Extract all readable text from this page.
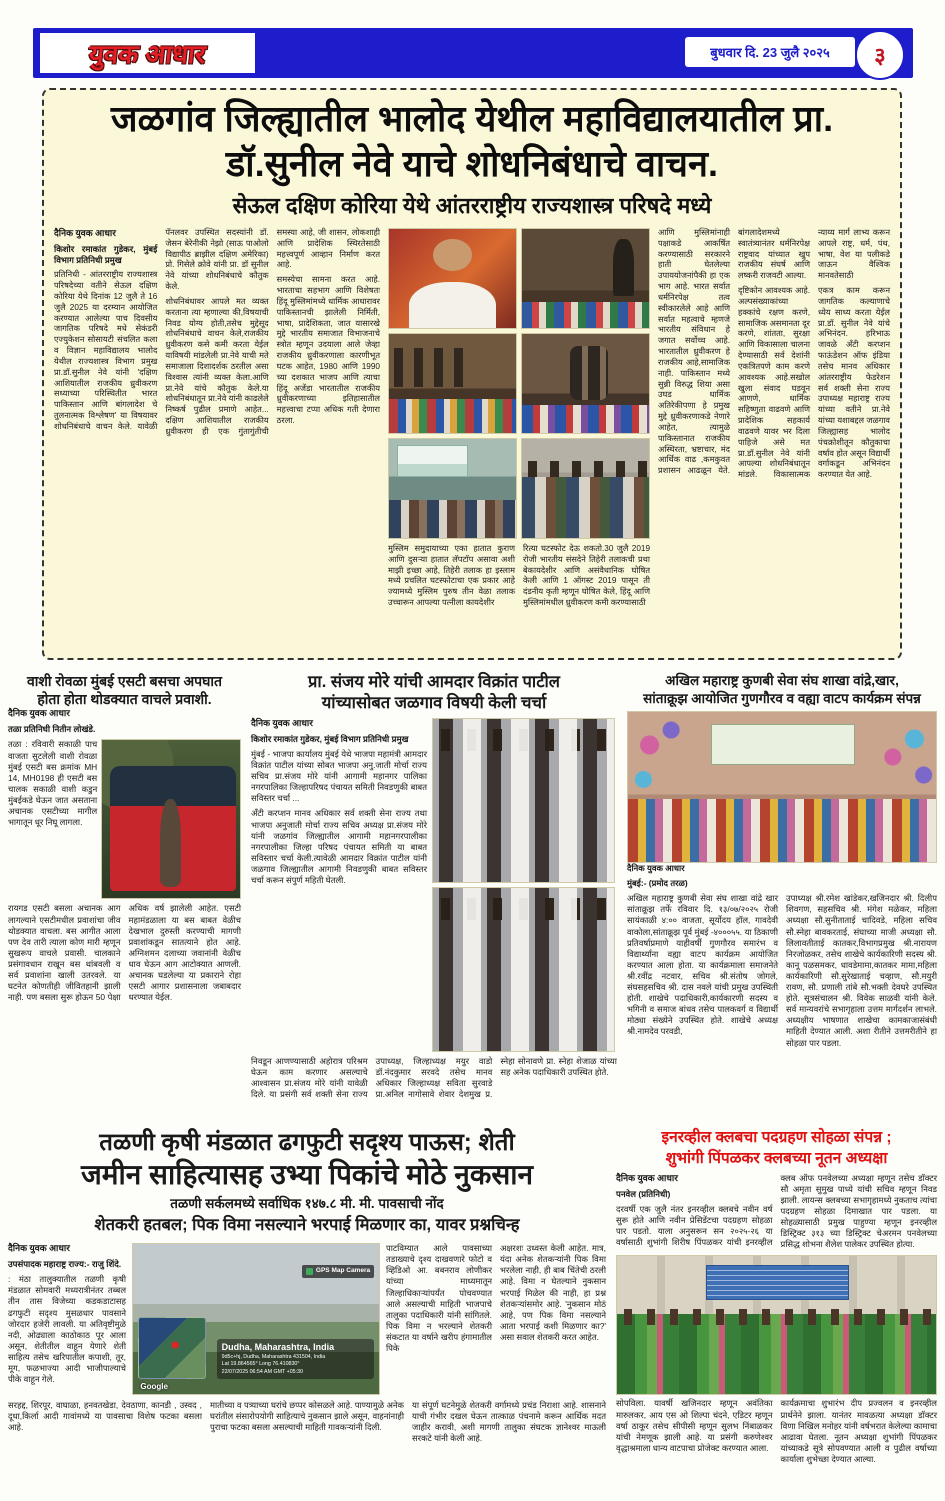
युवक आधार	बुधवार दि. 23 जुलै २०२५ ३
जळगांव जिल्ह्यातील भालोद येथील महाविद्यालयातील प्रा.
डॉ.सुनील नेवे याचे शोधनिबंधाचे वाचन.
सेऊल दक्षिण कोरिया येथे आंतरराष्ट्रीय राज्यशास्त्र परिषदे मध्ये

दैनिक युवक आधार

किशोर रमाकांत गुडेकर, मुंबई विभाग प्रतिनिधी प्रमुख

प्रतिनिधी - आंतरराष्ट्रीय राज्यशास्त्र परिषदेच्या वतीने सेऊल दक्षिण कोरिया येथे दिनांक 12 जुलै ते 16 जुलै 2025 या दरम्यान आयोजित करण्यात आलेल्या पाच दिवसीय जागतिक परिषदे मधे सेकंडरी एज्युकेशन सोसायटी संचलित कला व विज्ञान महाविद्यालय भालोद येथील राज्यशास्त्र विभाग प्रमुख प्रा.डॉ.सुनील नेवे यांनी 'दक्षिण आशियातील राजकीय ध्रुवीकरण सध्याच्या परिस्थितीत भारत पाकिस्तान आणि बांगलादेश चे तुलनात्मक विश्लेषण' या विषयावर शोधनिबंधाचे वाचन केले. यावेळी पॅनलवर उपस्थित सदस्यांनी डॉ. जेसन बेरेनीकी नेझो (साऊ पाओलो विद्यापीठ ब्राझील दक्षिण अमेरिका) प्रो. गिसेले क्रोवे यांनी प्रा. डॉ सुनील नेवे यांच्या शोधनिबंधाचे कौतुक केले.

शोधनिबंधावर आपले मत व्यक्त करताना त्या म्हणाल्या की,विषयाची निवड योग्य होती,तसेच मुद्देसूद शोधनिबंधाचे वाचन केले,राजकीय ध्रुवीकरण कसे कमी करता येईल याविषयी मांडलेली प्रा.नेवे याची मते समाजाला दिशादर्शक ठरतील असा विश्वास त्यांनी व्यक्त केला.आणि प्रा.नेवे यांचे कौतुक केले.या शोधनिबंधातून प्रा.नेवे यांनी काढलेले निष्कर्ष पुढील प्रमाणे आहेत... दक्षिण आशियातील राजकीय ध्रुवीकरण ही एक गुंतागुंतीची समस्या आहे, जी शासन, लोकशाही आणि प्रादेशिक स्थिरतेसाठी महत्त्वपूर्ण आव्हान निर्माण करत आहे.

समस्येचा सामना करत आहे. भारताचा सहभाग आणि विशेषतः हिंदू मुस्लिमांमध्ये धार्मिक आधारावर पाकिस्तानची झालेली निर्मिती, भाषा, प्रादेशिकता, जात यासारखे मुद्दे भारतीय समाजात विभाजनाचे स्त्रोत म्हणून उदयाला आले जेव्हा राजकीय ध्रुवीकरणाला कारणीभूत घटक आहेत, 1980 आणि 1990 च्या दशकात भाजप आणि त्याचा हिंदू अजेंडा भारतातील राजकीय ध्रुवीकरणाच्या इतिहासातील महत्त्वाचा टप्पा अधिक गती देणारा ठरला.

मुस्लिम समुदायाच्या एका हातात कुराण आणि दुसऱ्या हातात लॅपटॉप असावा अशी माझी इच्छा आहे, तिहेरी तलाक हा इस्लाम मध्ये प्रचलित घटस्फोटाचा एक प्रकार आहे ज्यामध्ये मुस्लिम पुरुष तीन वेळा तलाक उच्चारून आपल्या पत्नीला कायदेशीर

रित्या घटस्फोट देऊ शकतो.30 जुलै 2019 रोजी भारतीय संसदेने तिहेरी तलाकची प्रथा बेकायदेशीर आणि असंवैधानिक घोषित केली आणि 1 ऑगस्ट 2019 पासून ती दंडनीय कृती म्हणून घोषित केले, हिंदू आणि मुस्लिमांमधील ध्रुवीकरण कमी करण्यासाठी

आणि मुस्लिमांनाही पक्षाकडे आकर्षित करण्यासाठी सरकारने हाती घेतलेल्या उपाययोजनांपैकी हा एक भाग आहे. भारत सर्वात धर्मनिरपेक्ष तत्व स्वीकारलेले आहे आणि सर्वात महत्वाचे म्हणजे भारतीय संविधान हे जगात सर्वोच्च आहे. भारतातील ध्रुवीकरण हे राजकीय आहे,सामाजिक नाही. पाकिस्तान मध्ये सुन्नी विरुद्ध शिया असा उघड धार्मिक अतिरेकीपणा हे प्रमुख मुद्दे ध्रुवीकरणाकडे नेणारे आहेत, त्यामुळे पाकिस्तानात राजकीय अस्थिरता, भ्रष्टाचार, मंद आर्थिक वाढ ,कमकुवत प्रशासन आढळून येते. बांगलादेशमध्ये स्वातंत्र्यानंतर धर्मनिरपेक्ष राष्ट्रवाद यांच्यात खुप राजकीय संघर्ष आणि लष्करी राजवटी आल्या.

दृष्टिकोन आवश्यक आहे. अल्पसंख्याकांच्या हक्कांचे रक्षण करणे, सामाजिक असमानता दूर करणे, शांतता, सुरक्षा आणि विकासाला चालना देण्यासाठी सर्व देशांनी एकत्रितपणे काम करणे आवश्यक आहे.सखोल खुला संवाद घडवून आणणे, धार्मिक सहिष्णुता वाढवणे आणि प्रादेशिक सहकार्य वाढवणे यावर भर दिला पाहिजे असे मत प्रा.डॉ.सुनील नेवे यांनी आपल्या शोधनिबंधातून मांडले. विकासात्मक न्याय्य मार्ग लाभ्य करून आपले राष्ट्र, धर्म, पंथ, भाषा, वेश या पलीकडे जाऊन वैश्विक मानवतेसाठी

एकत्र काम करून जागतिक कल्याणाचे ध्येय साध्य करता येईल प्रा.डॉ. सुनील नेवे यांचे अभिनंदन. हरिभाऊ जावळे अँटी करप्शन फाऊंडेशन ऑफ इंडिया तसेच मानव अधिकार आंतरराष्ट्रीय फेडरेशन सर्व शक्ती सेना राज्य उपाध्यक्ष महाराष्ट्र राज्य यांच्या वतीने प्रा.नेवे यांच्या यशाबद्दल जळगाव जिल्ह्यासह भालोद पंचक्रोशीतून कौतुकाचा वर्षाव होत असून विद्यार्थी वर्गाकडून अभिनंदन करण्यात येत आहे.

वाशी रोवळा मुंबई एसटी बसचा अपघात
होता होता थोडक्यात वाचले प्रवाशी.

दैनिक युवक आधार

तळा प्रतिनिधी नितीन लोखंडे.

तळा : रविवारी सकाळी पाच वाजता सुटलेली वाशी रोवळा मुंबई एसटी बस क्रमांक MH 14, MH0198 ही एसटी बस चालक सकाळी वाशी कडुन मुंबईकडे घेऊन जात असताना अचानक एसटीच्या मागील भागातून धूर निघू लागला.

रायगड एसटी बसला अचानक आग लागल्याने एसटीमधील प्रवाशांचा जीव थोडक्यात वाचला. बस आगीत आला पण देव तारी त्याला कोण मारी म्हणून सुखरूप वाचले प्रवासी. चालकाने प्रसंगावधान राखून बस थांबवली व सर्व प्रवाशांना खाली उतरवले. या घटनेत कोणतीही जीवितहानी झाली नाही. पण बसला सुरू होऊन 50 पेक्षा अधिक वर्ष झालेली आहेत. एसटी महामंडळाला या बस बाबत वेळीच देखभाल दुरुस्ती करण्याची मागणी प्रवाशांकडून सातत्याने होत आहे. अग्निशमन दलाच्या जवानांनी वेळीच धाव घेऊन आग आटोक्यात आणली. अचानक घडलेल्या या प्रकाराने रोहा एसटी आगार प्रशासनाला जबाबदार धरण्यात येईल.

प्रा. संजय मोरे यांची आमदार विक्रांत पाटील
यांच्यासोबत जळगाव विषयी केली चर्चा

दैनिक युवक आधार

किशोर रमाकांत गुडेकर, मुंबई विभाग प्रतिनिधी प्रमुख

मुंबई - भाजपा कार्यालय मुंबई येथे भाजपा महामंत्री आमदार विक्रांत पाटील यांच्या सोबत भाजपा अनु.जाती मोर्चा राज्य सचिव प्रा.संजय मोरे यांनी आगामी महानगर पालिका नगरपालिका जिल्हापरिषद पंचायत समिती निवडणुकी बाबत सविस्तर चर्चा ...

अँटी करप्शन मानव अधिकार सर्व शक्ती सेना राज्य तथा भाजपा अनुजाती मोर्चा राज्य सचिव अध्यक्ष प्रा.संजय मोरे यांनी जळगांव जिल्ह्यातील आगामी महानगरपालीका नगरपालीका जिल्हा परिषद पंचायत समिती या बाबत सविस्तार चर्चा केली.त्यावेळी आमदार विक्रांत पाटील यांनी जळगाव जिल्ह्यातील आगामी निवडणुकी बाबत सविस्तर चर्चा करून संपुर्ण महिती घेतली.

निवडून आणण्यासाठी अहोरात्र परिश्रम घेऊन काम करणार असल्याचे आश्वासन प्रा.संजय मोरे यांनी यावेळी दिले. या प्रसंगी सर्व शक्ती सेना राज्य उपाध्यक्ष, जिल्हाध्यक्ष मयुर वाडो डॉ.नंदकुमार सरवदे तसेच मानव अधिकार जिल्हाध्यक्ष सविता सुरवाडे प्रा.अनिल नागोसावे शेवार देशमुख प्र. स्नेहा सोनावणे प्रा. स्नेहा शेजाळ यांच्या सह अनेक पदाधिकारी उपस्थित होते.

अखिल महाराष्ट्र कुणबी सेवा संघ शाखा वांद्रे,खार,
सांताक्रूझ आयोजित गुणगौरव व वह्या वाटप कार्यक्रम संपन्न

दैनिक युवक आधार

मुंबई:- (प्रमोद तरळ)

अखिल महाराष्ट्र कुणबी सेवा संघ शाखा वांद्रे खार सांताक्रूझ तर्फे रविवार दि. १३/०७/२०२५ रोजी सायंकाळी ४:०० वाजता, सूर्योदय हॉल, गावदेवी वाकोला,सांताक्रूझ पूर्व मुंबई -४०००५५. या ठिकाणी प्रतिवर्षाप्रमाणे याहीवर्षी गुणगौरव समारंभ व विद्यार्थ्यांना वह्या वाटप कार्यक्रम आयोजित करण्यात आला होता. या कार्यक्रमाला समाजनेते श्री.रवींद्र नटवार, सचिव श्री.संतोष जोगले, संघसहसचिव श्री. दास नवले यांची प्रमुख उपस्थिती होती. शाखेचे पदाधिकारी,कार्यकारणी सदस्य व भगिनी व समाज बांधव तसेच पालकवर्ग व विद्यार्थी मोठ्या संख्येने उपस्थित होते. शाखेचे अध्यक्ष श्री.नामदेव परवडी,

उपाध्यक्ष श्री.रमेश खांडेकर,खजिनदार श्री. दिलीप शिवगण, सहसचिव श्री. मंगेश मळेकर, महिला अध्यक्षा सौ.सुनीताताई चादिवडे, महिला सचिव सौ.स्नेहा बावकरताई, संघाच्या माजी अध्यक्षा सौ. लिलावतीताई कातकर,विभागप्रमुख श्री.नारायण निरजोळकर, तसेच शाखेचे कार्यकारिणी सदस्य श्री. कानू पळसमकर, धावडेमामा,कातकर मामा,महिला कार्यकारिणी सौ.सुरेखाताई चव्हाण, सौ.मयुरी रावण, सौ. प्रणाली तांबे सौ.भक्ती देवघरे उपस्थित होते. सूत्रसंचालन श्री. विवेक साळवी यांनी केले. सर्व मान्यवरांचे सभागृहाला उत्तम मार्गदर्शन लाभले. अध्यक्षीय भाषणात शाखेचा कामकाजासंबंधी माहिती देण्यात आली. अशा रीतीने उत्तमरीतीने हा सोहळा पार पडला.

तळणी कृषी मंडळात ढगफुटी सदृश्य पाऊस; शेती
जमीन साहित्यासह उभ्या पिकांचे मोठे नुकसान
तळणी सर्कलमध्ये सर्वाधिक १४७.८ मी. मी. पावसाची नोंद
शेतकरी हतबल; पिक विमा नसल्याने भरपाई मिळणार का, यावर प्रश्नचिन्ह

दैनिक युवक आधार

उपसंपादक महाराष्ट्र राज्य:- राजु शिंदे.

: मंठा तालुक्यातील तळणी कृषी मंडळात सोमवारी मध्यरात्रीनंतर तब्बल तीन तास विजेच्या कडकडाटासह ढगफुटी सदृश्य मुसळधार पावसाने जोरदार हजेरी लावली. या अतिवृष्टीमुळे नदी, ओढ्याला काठोकाठ पूर आला असून, शेतीतील वाहून येणारे शेती साहित्य तसेच खरिपातील कपाशी, तूर, मूग, फळभाज्या आदी भाजीपाल्याचे पीके वाहून गेले.

GPS Map Camera
Dudha, Maharashtra, India
9d5c+hj, Dudha, Maharashtra 431504, India
Lat 19.864565° Long 76.410830°
22/07/2025 06:54 AM GMT +05:30
Google

पाटविम्यात आले पावसाच्या तडाख्याचे दृश्य दाखवणारे फोटो व व्हिडिओ आ. बबनराव लोणीकर यांच्या माध्यमातून जिल्हाधिकाऱ्यांपर्यंत पोचवण्यात आले असल्याची माहिती भाजपाचे तालुका पदाधिकारी यांनी सांगितले. पिक विमा न भरल्याने शेतकरी संकटात या वर्षाने खरीप हंगामातील पिके

अक्षरशः उध्वस्त केली आहेत. मात्र, यंदा अनेक शेतकऱ्यांनी पिक विमा भरलेला नाही, ही बाब चिंतेची ठरली आहे. विमा न घेतल्याने नुकसान भरपाई मिळेल की नाही, हा प्रश्न शेतकऱ्यांसमोर आहे. 'नुकसान मोठं आहे, पण पिक विमा नसल्याने आता भरपाई कशी मिळणार का?' असा सवाल शेतकरी करत आहेत.

सरहद्द, शिरपूर, वाघाळा, हनवतखेडा, देवठाणा, कानडी , उस्वद , दूधा,किर्ला आदी गावांमध्ये या पावसाचा विशेष फटका बसला आहे.

मातीच्या व पत्र्याच्या घरांचे छप्पर कोसळले आहे. पाण्यामुळे अनेक घरांतील संसारोपयोगी साहित्याचे नुकसान झाले असून, वाहनांनाही पुराचा फटका बसला असल्याची माहिती गावकऱ्यांनी दिली.

या संपूर्ण घटनेमुळे शेतकरी वर्गामध्ये प्रचंड निराशा आहे. शासनाने याची गंभीर दखल घेऊन तात्काळ पंचनामे करून आर्थिक मदत जाहीर करावी, अशी मागणी तालुका संघटक ज्ञानेश्वर माऊली सरकटे यांनी केली आहे.

इनरव्हील क्लबचा पदग्रहण सोहळा संपन्न ;
शुभांगी पिंपळकर क्लबच्या नूतन अध्यक्षा

दैनिक युवक आधार

पनवेल (प्रतिनिधी)

दरवर्षी एक जुलै नंतर इनरव्हील क्लबचे नवीन वर्ष सुरू होते आणि नवीन प्रेसिडेंटचा पदग्रहण सोहळा पार पडतो. याला अनुसरून सन २०२५-२६ या वर्षासाठी शुभांगी शिरीष पिंपळकर यांची इनरव्हील क्लब ऑफ पनवेलच्या अध्यक्षा म्हणून तसेच डॉक्टर सौ अमृता सुमुख पाध्ये यांची सचिव म्हणून निवड झाली. लायन्स क्लबच्या सभागृहामध्ये नुकताच त्यांचा पदग्रहण सोहळा दिमाखात पार पडला. या सोहळ्यासाठी प्रमुख पाहुण्या म्हणून इनरव्हील डिस्ट्रिक्ट ३१३ च्या डिस्ट्रिक्ट चेअरमन पनवेलच्या प्रसिद्ध शोभना शैलेश पालेकर उपस्थित होत्या.

सोपविला. यावर्षी खजिनदार म्हणून अवंतिका मारुलकर, आय एस ओ शिल्पा चंदने, एडिटर म्हणून वर्षा ठाकूर तसेच सीपीसी म्हणून सुलभ निंबाळकर यांची नेमणूक झाली आहे. या प्रसंगी करुणेश्वर वृद्धाश्रमाला धान्य वाटपाचा प्रोजेक्ट करण्यात आला.

कार्यक्रमाचा शुभारंभ दीप प्रज्वलन व इनरव्हील प्रार्थनेने झाला. यानंतर मावळत्या अध्यक्षा डॉक्टर विणा निखिल मनोहर यांनी वर्षभरात केलेल्या कामाचा आढावा घेतला. नूतन अध्यक्षा शुभांगी पिंपळकर यांच्याकडे सूत्रे सोपवण्यात आली व पुढील वर्षाच्या कार्याला शुभेच्छा देण्यात आल्या.
